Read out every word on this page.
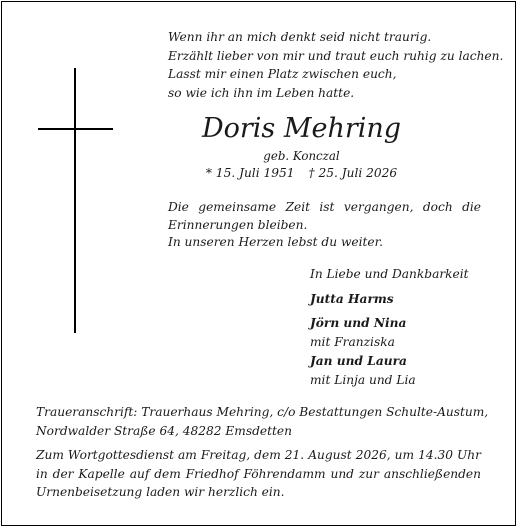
Wenn ihr an mich denkt seid nicht traurig.
Erzählt lieber von mir und traut euch ruhig zu lachen.
Lasst mir einen Platz zwischen euch,
so wie ich ihn im Leben hatte.
Doris Mehring
geb. Konczal
* 15. Juli 1951 † 25. Juli 2026
Die gemeinsame Zeit ist vergangen, doch die
Erinnerungen bleiben.
In unseren Herzen lebst du weiter.
In Liebe und Dankbarkeit
Jutta Harms
Jörn und Nina
mit Franziska
Jan und Laura
mit Linja und Lia
Traueranschrift: Trauerhaus Mehring, c/o Bestattungen Schulte-Austum,
Nordwalder Straße 64, 48282 Emsdetten
Zum Wortgottesdienst am Freitag, dem 21. August 2026, um 14.30 Uhr
in der Kapelle auf dem Friedhof Föhrendamm und zur anschließenden
Urnenbeisetzung laden wir herzlich ein.
